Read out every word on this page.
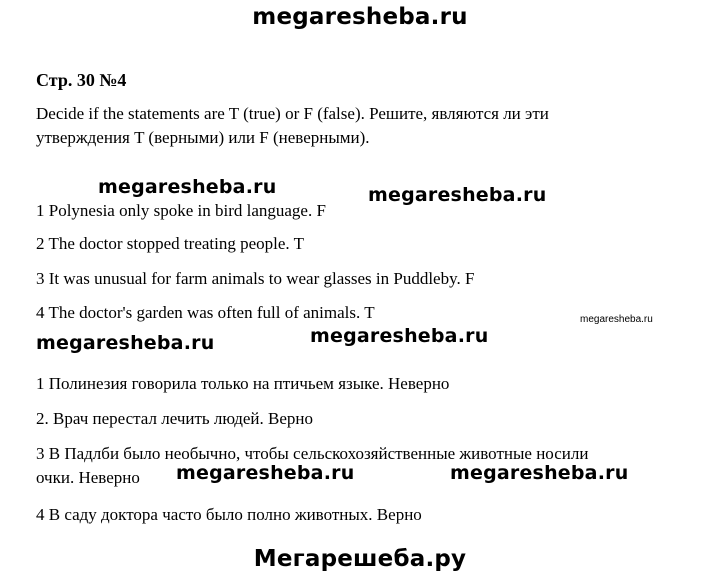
megaresheba.ru
Стр. 30 №4
Decide if the statements are T (true) or F (false). Решите, являются ли эти
утверждения T (верными) или F (неверными).
megaresheba.ru	megaresheba.ru
1 Polynesia only spoke in bird language. F
2 The doctor stopped treating people. T
3 It was unusual for farm animals to wear glasses in Puddleby. F
4 The doctor's garden was often full of animals. T	megaresheba.ru
megaresheba.ru	megaresheba.ru
1 Полинезия говорила только на птичьем языке. Неверно
2. Врач перестал лечить людей. Верно
3 В Падлби было необычно, чтобы сельскохозяйственные животные носили
очки. Неверно megaresheba.ru	megaresheba.ru
4 В саду доктора часто было полно животных. Верно
Мегарешеба.ру
